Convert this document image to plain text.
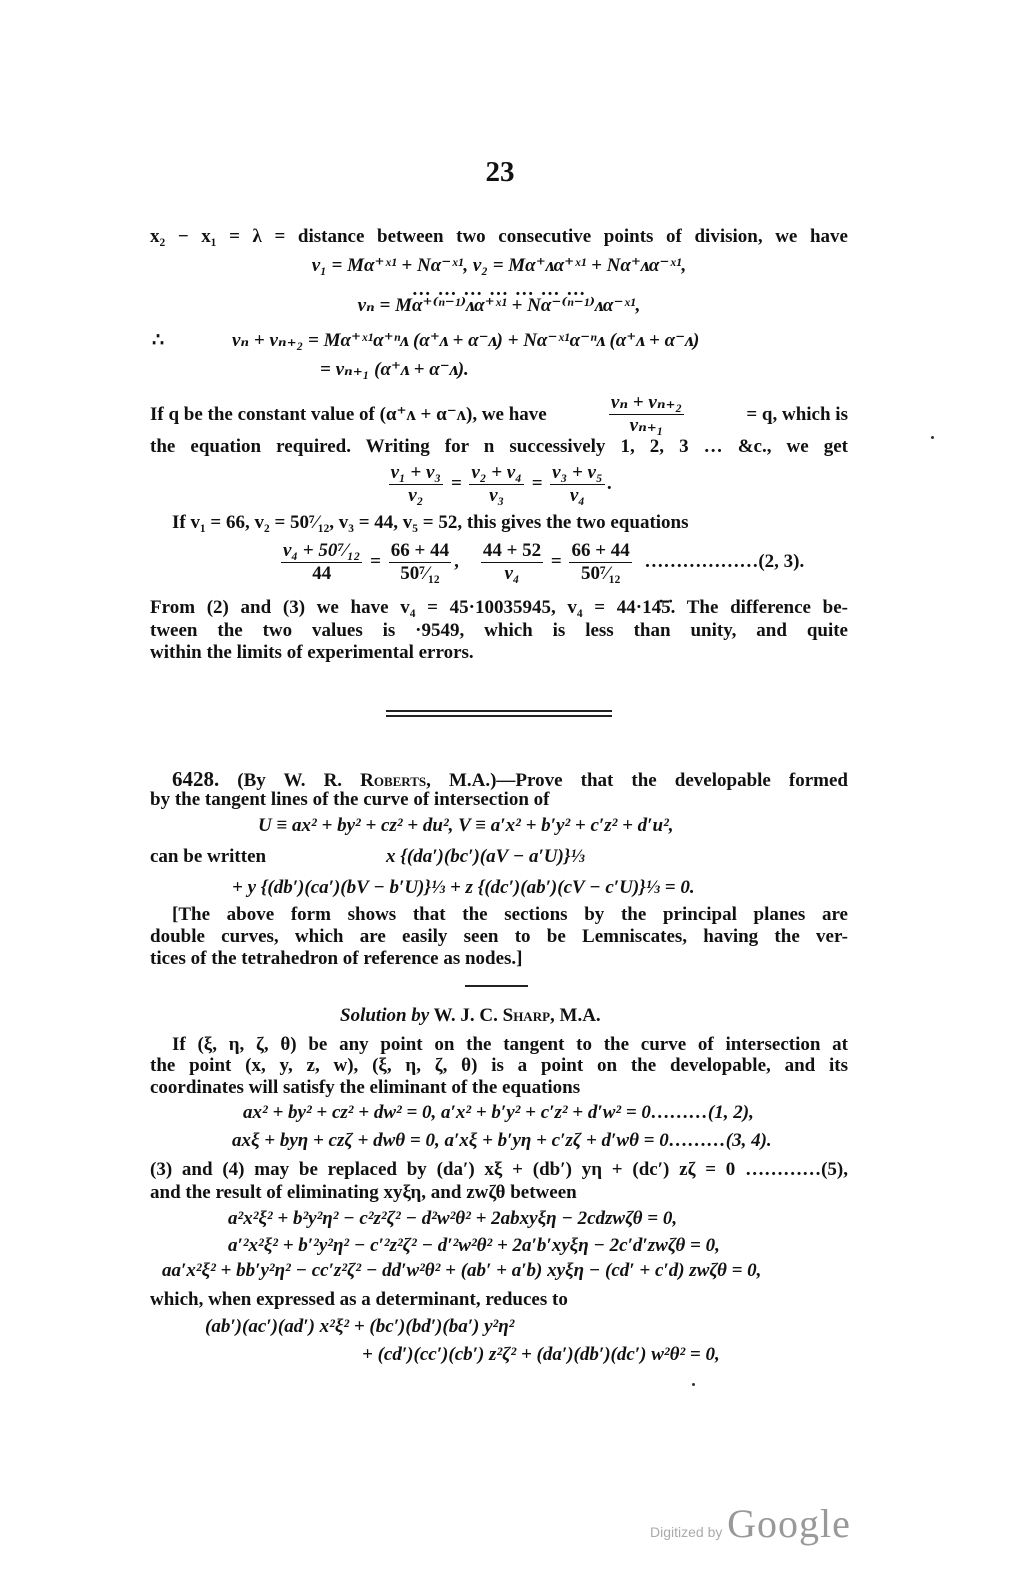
23
x₂ − x₁ = λ = distance between two consecutive points of division, we have
v₁ = Mα⁺ˣ¹ + Nα⁻ˣ¹, v₂ = Mα⁺ᴧα⁺ˣ¹ + Nα⁺ᴧα⁻ˣ¹,
… … … … … … …
vₙ = Mα⁺⁽ⁿ⁻¹⁾ᴧα⁺ˣ¹ + Nα⁻⁽ⁿ⁻¹⁾ᴧα⁻ˣ¹,
∴	vₙ + vₙ₊₂ = Mα⁺ˣ¹α⁺ⁿᴧ (α⁺ᴧ + α⁻ᴧ) + Nα⁻ˣ¹α⁻ⁿᴧ (α⁺ᴧ + α⁻ᴧ)
= vₙ₊₁ (α⁺ᴧ + α⁻ᴧ).
If q be the constant value of (α⁺ᴧ + α⁻ᴧ), we have	$\frac{\text{vₙ + vₙ₊₂}}{\text{vₙ₊₁}}$	= q, which is
the equation required. Writing for n successively 1, 2, 3 … &c., we get
$\frac{\text{v₁ + v₃}}{\text{v₂}} = \frac{\text{v₂ + v₄}}{\text{v₃}} = \frac{\text{v₃ + v₅}}{\text{v₄}}$ .
If v₁ = 66, v₂ = 50⁷⁄₁₂, v₃ = 44, v₅ = 52, this gives the two equations
$\frac{\text{v₄ + 50⁷⁄₁₂}}{44} = \frac{66 + 44}{\text{50⁷⁄₁₂}}$ , $\frac{44 + 52}{\text{v₄}} = \frac{66 + 44}{\text{50⁷⁄₁₂}}$ ………………(2, 3).
From (2) and (3) we have v₄ = 45·10035945, v₄ = 44·14̇5̇. The difference be-
tween the two values is ·9549, which is less than unity, and quite
within the limits of experimental errors.
6428. (By W. R. Roberts, M.A.)—Prove that the developable formed
by the tangent lines of the curve of intersection of
U ≡ ax² + by² + cz² + du², V ≡ a′x² + b′y² + c′z² + d′u²,
can be written	x {(da′)(bc′)(aV − a′U)}⅓
+ y {(db′)(ca′)(bV − b′U)}⅓ + z {(dc′)(ab′)(cV − c′U)}⅓ = 0.
[The above form shows that the sections by the principal planes are
double curves, which are easily seen to be Lemniscates, having the ver-
tices of the tetrahedron of reference as nodes.]
Solution by W. J. C. Sharp, M.A.
If (ξ, η, ζ, θ) be any point on the tangent to the curve of intersection at
the point (x, y, z, w), (ξ, η, ζ, θ) is a point on the developable, and its
coordinates will satisfy the eliminant of the equations
ax² + by² + cz² + dw² = 0, a′x² + b′y² + c′z² + d′w² = 0………(1, 2),
axξ + byη + czζ + dwθ = 0, a′xξ + b′yη + c′zζ + d′wθ = 0………(3, 4).
(3) and (4) may be replaced by (da′) xξ + (db′) yη + (dc′) zζ = 0 …………(5),
and the result of eliminating xyξη, and zwζθ between
a²x²ξ² + b²y²η² − c²z²ζ² − d²w²θ² + 2abxyξη − 2cdzwζθ = 0,
a′²x²ξ² + b′²y²η² − c′²z²ζ² − d′²w²θ² + 2a′b′xyξη − 2c′d′zwζθ = 0,
aa′x²ξ² + bb′y²η² − cc′z²ζ² − dd′w²θ² + (ab′ + a′b) xyξη − (cd′ + c′d) zwζθ = 0,
which, when expressed as a determinant, reduces to
(ab′)(ac′)(ad′) x²ξ² + (bc′)(bd′)(ba′) y²η²
+ (cd′)(cc′)(cb′) z²ζ² + (da′)(db′)(dc′) w²θ² = 0,
Digitized by Google
